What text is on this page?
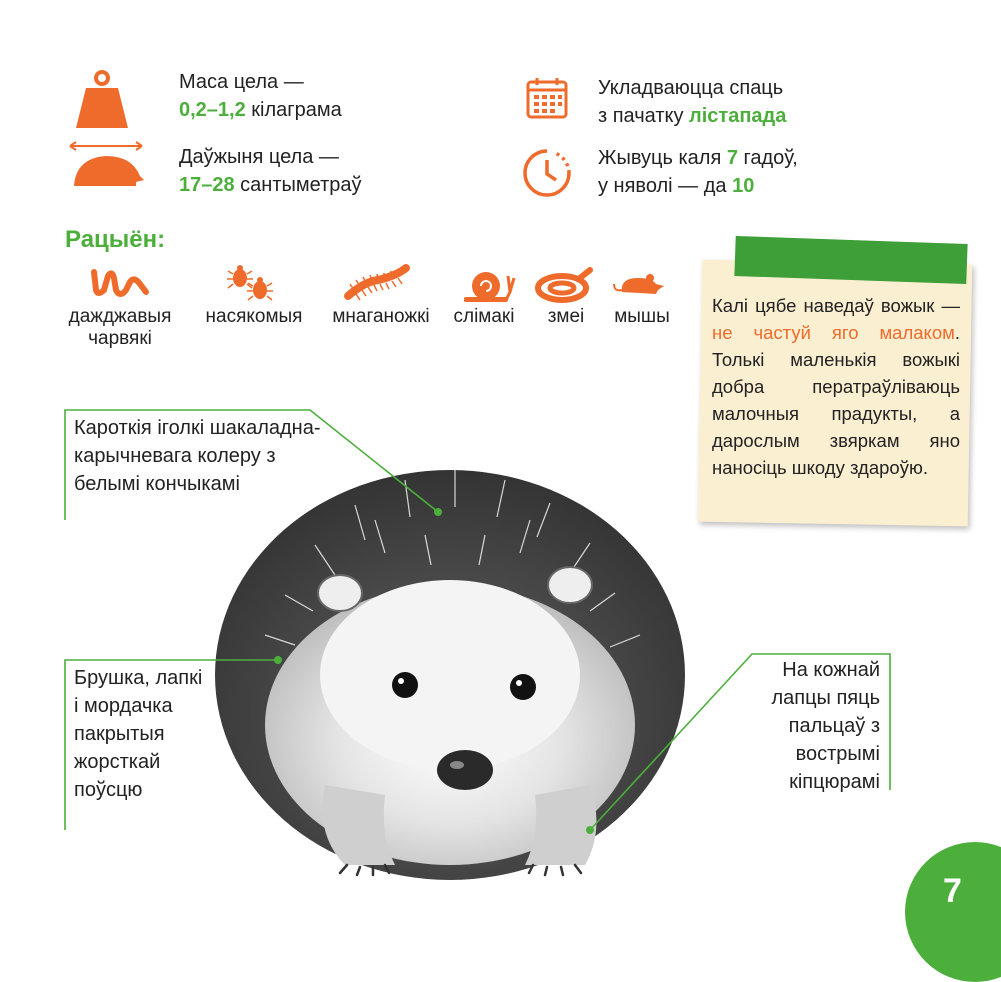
Маса цела —
0,2–1,2 кілаграма
Даўжыня цела —
17–28 сантыметраў
Укладваюцца спаць
з пачатку лістапада
Жывуць каля 7 гадоў,
у няволі — да 10
Рацыён:
дажджавыя чарвякі
насякомыя	мнаганожкі	слімакі	змеі	мышы
Калі цябе наведаў вожык — не частуй яго малаком. Толькі маленькія вожыкі добра ператраўліваюць малочныя прадукты, а дарослым звяркам яно наносіць шкоду здароўю.
Кароткія іголкі шакаладна-карычневага колеру з белымі кончыкамі
Брушка, лапкі і мордачка пакрытыя жорсткай поўсцю
На кожнай лапцы пяць пальцаў з вострымі кіпцюрамі
7
